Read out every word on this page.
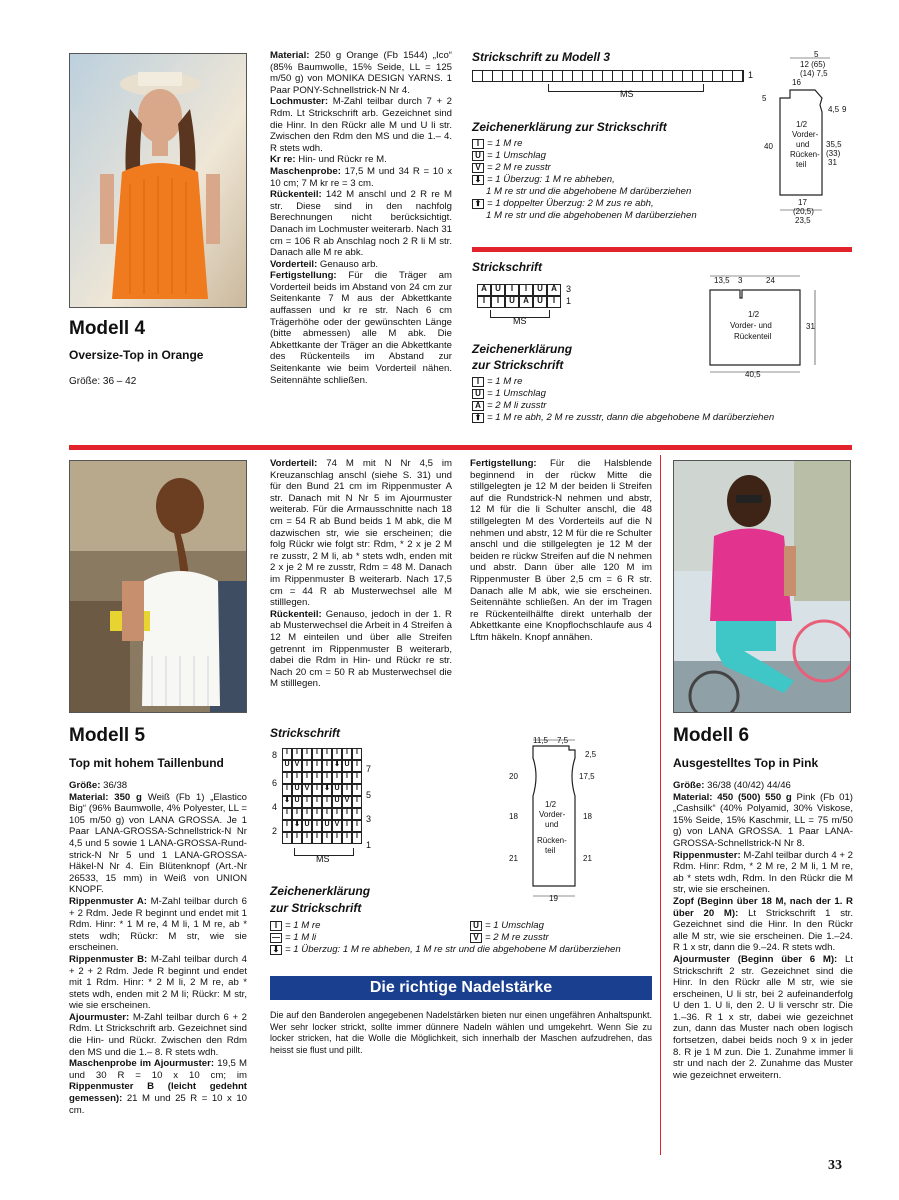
Modell 4
Oversize-Top in Orange
Größe: 36 – 42

Material: 250 g Orange (Fb 1544) „Ico“ (85% Baumwolle, 15% Seide, LL = 125 m/50 g) von MONIKA DESIGN YARNS. 1 Paar PONY-Schnellstrick-N Nr 4.

Lochmuster: M-Zahl teilbar durch 7 + 2 Rdm. Lt Strickschrift arb. Gezeichnet sind die Hinr. In den Rückr alle M und U li str. Zwischen den Rdm den MS und die 1.– 4. R stets wdh.

Kr re: Hin- und Rückr re M.

Maschenprobe: 17,5 M und 34 R = 10 x 10 cm; 7 M kr re = 3 cm.

Rückenteil: 142 M anschl und 2 R re M str. Diese sind in den nachfolg Berechnungen nicht berücksichtigt. Danach im Lochmuster weiterarb. Nach 31 cm = 106 R ab Anschlag noch 2 R li M str. Danach alle M re abk.

Vorderteil: Genauso arb.

Fertigstellung: Für die Träger am Vorderteil beids im Abstand von 24 cm zur Seitenkante 7 M aus der Abkettkante auffassen und kr re str. Nach 6 cm Trägerhöhe oder der gewünschten Länge (bitte abmessen) alle M abk. Die Abkettkante der Träger an die Abkettkante des Rückenteils im Abstand zur Seitenkante wie beim Vorderteil nähen. Seitennähte schließen.

Strickschrift zu Modell 3
1
MS
Zeichenerklärung zur Strickschrift
I = 1 M re
U = 1 Umschlag
V = 2 M re zusstr
⬇ = 1 Überzug: 1 M re abheben,
1 M re str und die abgehobene M darüberziehen
⬆ = 1 doppelter Überzug: 2 M zus re abh,
1 M re str und die abgehobenen M darüberziehen
5
12 (65)
(14) 7,5
16
5
4,5 9
40	35,5
(33)
31
17
(20,5)
23,5
1/2
Vorder-
und
Rücken-
teil
Strickschrift
A	U	I	I	U	A
I	I	U	A	U	I
3
1
MS
Zeichenerklärung
zur Strickschrift
I = 1 M re
U = 1 Umschlag
A = 2 M li zusstr
⬆ = 1 M re abh, 2 M re zusstr, dann die abgehobene M darüberziehen
13,5 3	24
31
40,5
1/2
Vorder- und
Rückenteil
Modell 5
Top mit hohem Taillenbund

Größe: 36/38

Material: 350 g Weiß (Fb 1) „Elastico Big“ (96% Baumwolle, 4% Polyester, LL = 105 m/50 g) von LANA GROSSA. Je 1 Paar LANA-GROSSA-Schnellstrick-N Nr 4,5 und 5 sowie 1 LANA-GROSSA-Rund-strick-N Nr 5 und 1 LANA-GROSSA-Häkel-N Nr 4. Ein Blütenknopf (Art.-Nr 26533, 15 mm) in Weiß von UNION KNOPF.

Rippenmuster A: M-Zahl teilbar durch 6 + 2 Rdm. Jede R beginnt und endet mit 1 Rdm. Hinr: * 1 M re, 4 M li, 1 M re, ab * stets wdh; Rückr: M str, wie sie erscheinen.

Rippenmuster B: M-Zahl teilbar durch 4 + 2 + 2 Rdm. Jede R beginnt und endet mit 1 Rdm. Hinr: * 2 M li, 2 M re, ab * stets wdh, enden mit 2 M li; Rückr: M str, wie sie erscheinen.

Ajourmuster: M-Zahl teilbar durch 6 + 2 Rdm. Lt Strickschrift arb. Gezeichnet sind die Hin- und Rückr. Zwischen den Rdm den MS und die 1.– 8. R stets wdh.

Maschenprobe im Ajourmuster: 19,5 M und 30 R = 10 x 10 cm; im Rippenmuster B (leicht gedehnt gemessen): 21 M und 25 R = 10 x 10 cm.

Vorderteil: 74 M mit N Nr 4,5 im Kreuzanschlag anschl (siehe S. 31) und für den Bund 21 cm im Rippenmuster A str. Danach mit N Nr 5 im Ajourmuster weiterab. Für die Armausschnitte nach 18 cm = 54 R ab Bund beids 1 M abk, die M dazwischen str, wie sie erscheinen; die folg Rückr wie folgt str: Rdm, * 2 x je 2 M re zusstr, 2 M li, ab * stets wdh, enden mit 2 x je 2 M re zusstr, Rdm = 48 M. Danach im Rippenmuster B weiterarb. Nach 17,5 cm = 44 R ab Musterwechsel alle M stilllegen.

Rückenteil: Genauso, jedoch in der 1. R ab Musterwechsel die Arbeit in 4 Streifen à 12 M einteilen und über alle Streifen getrennt im Rippenmuster B weiterarb, dabei die Rdm in Hin- und Rückr re str. Nach 20 cm = 50 R ab Musterwechsel die M stilllegen.

Fertigstellung: Für die Halsblende beginnend in der rückw Mitte die stillgelegten je 12 M der beiden li Streifen auf die Rundstrick-N nehmen und abstr, 12 M für die li Schulter anschl, die 48 stillgelegten M des Vorderteils auf die N nehmen und abstr, 12 M für die re Schulter anschl und die stillgelegten je 12 M der beiden re rückw Streifen auf die N nehmen und abstr. Dann über alle 120 M im Rippenmuster B über 2,5 cm = 6 R str. Danach alle M abk, wie sie erscheinen. Seitennähte schließen. An der im Tragen re Rückenteilhälfte direkt unterhalb der Abkettkante eine Knopflochschlaufe aus 4 Lftm häkeln. Knopf annähen.

Strickschrift
8
6
4
2
7
5
3
1
I	I	I	I	I	I	I	I
U V I	I	I ⬇ U I
I	I	I	I	I	I	I	I
I U V I ⬇ U I	I
⬇ U I	I	I U V I
I	I	I	I	I	I	I	I
I ⬇ U I U V I	I
I	I	I	I	I	I	I	I
MS
11,5 7,5
2,5
20	17,5
18	18
21	21
19
1/2
Vorder-
und
Rücken-
teil
Zeichenerklärung
zur Strickschrift
I = 1 M re
— = 1 M li
⬇ = 1 Überzug: 1 M re abheben, 1 M re str und die abgehobene M darüberziehen
U = 1 Umschlag
V = 2 M re zusstr
Die richtige Nadelstärke
Die auf den Banderolen angegebenen Nadelstärken bieten nur einen ungefähren Anhaltspunkt. Wer sehr locker strickt, sollte immer dünnere Nadeln wählen und umgekehrt. Wenn Sie zu locker stricken, hat die Wolle die Möglichkeit, sich innerhalb der Maschen aufzudrehen, das heisst sie flust und pillt.
Modell 6
Ausgestelltes Top in Pink

Größe: 36/38 (40/42) 44/46

Material: 450 (500) 550 g Pink (Fb 01) „Cashsilk“ (40% Polyamid, 30% Viskose, 15% Seide, 15% Kaschmir, LL = 75 m/50 g) von LANA GROSSA. 1 Paar LANA-GROSSA-Schnellstrick-N Nr 8.

Rippenmuster: M-Zahl teilbar durch 4 + 2 Rdm. Hinr: Rdm, * 2 M re, 2 M li, 1 M re, ab * stets wdh, Rdm. In den Rückr die M str, wie sie erscheinen.

Zopf (Beginn über 18 M, nach der 1. R über 20 M): Lt Strickschrift 1 str. Gezeichnet sind die Hinr. In den Rückr alle M str, wie sie erscheinen. Die 1.–24. R 1 x str, dann die 9.–24. R stets wdh.

Ajourmuster (Beginn über 6 M): Lt Strickschrift 2 str. Gezeichnet sind die Hinr. In den Rückr alle M str, wie sie erscheinen, U li str, bei 2 aufeinanderfolg U den 1. U li, den 2. U li verschr str. Die 1.–36. R 1 x str, dabei wie gezeichnet zun, dann das Muster nach oben logisch fortsetzen, dabei beids noch 9 x in jeder 8. R je 1 M zun. Die 1. Zunahme immer li str und nach der 2. Zunahme das Muster wie gezeichnet erweitern.

33
